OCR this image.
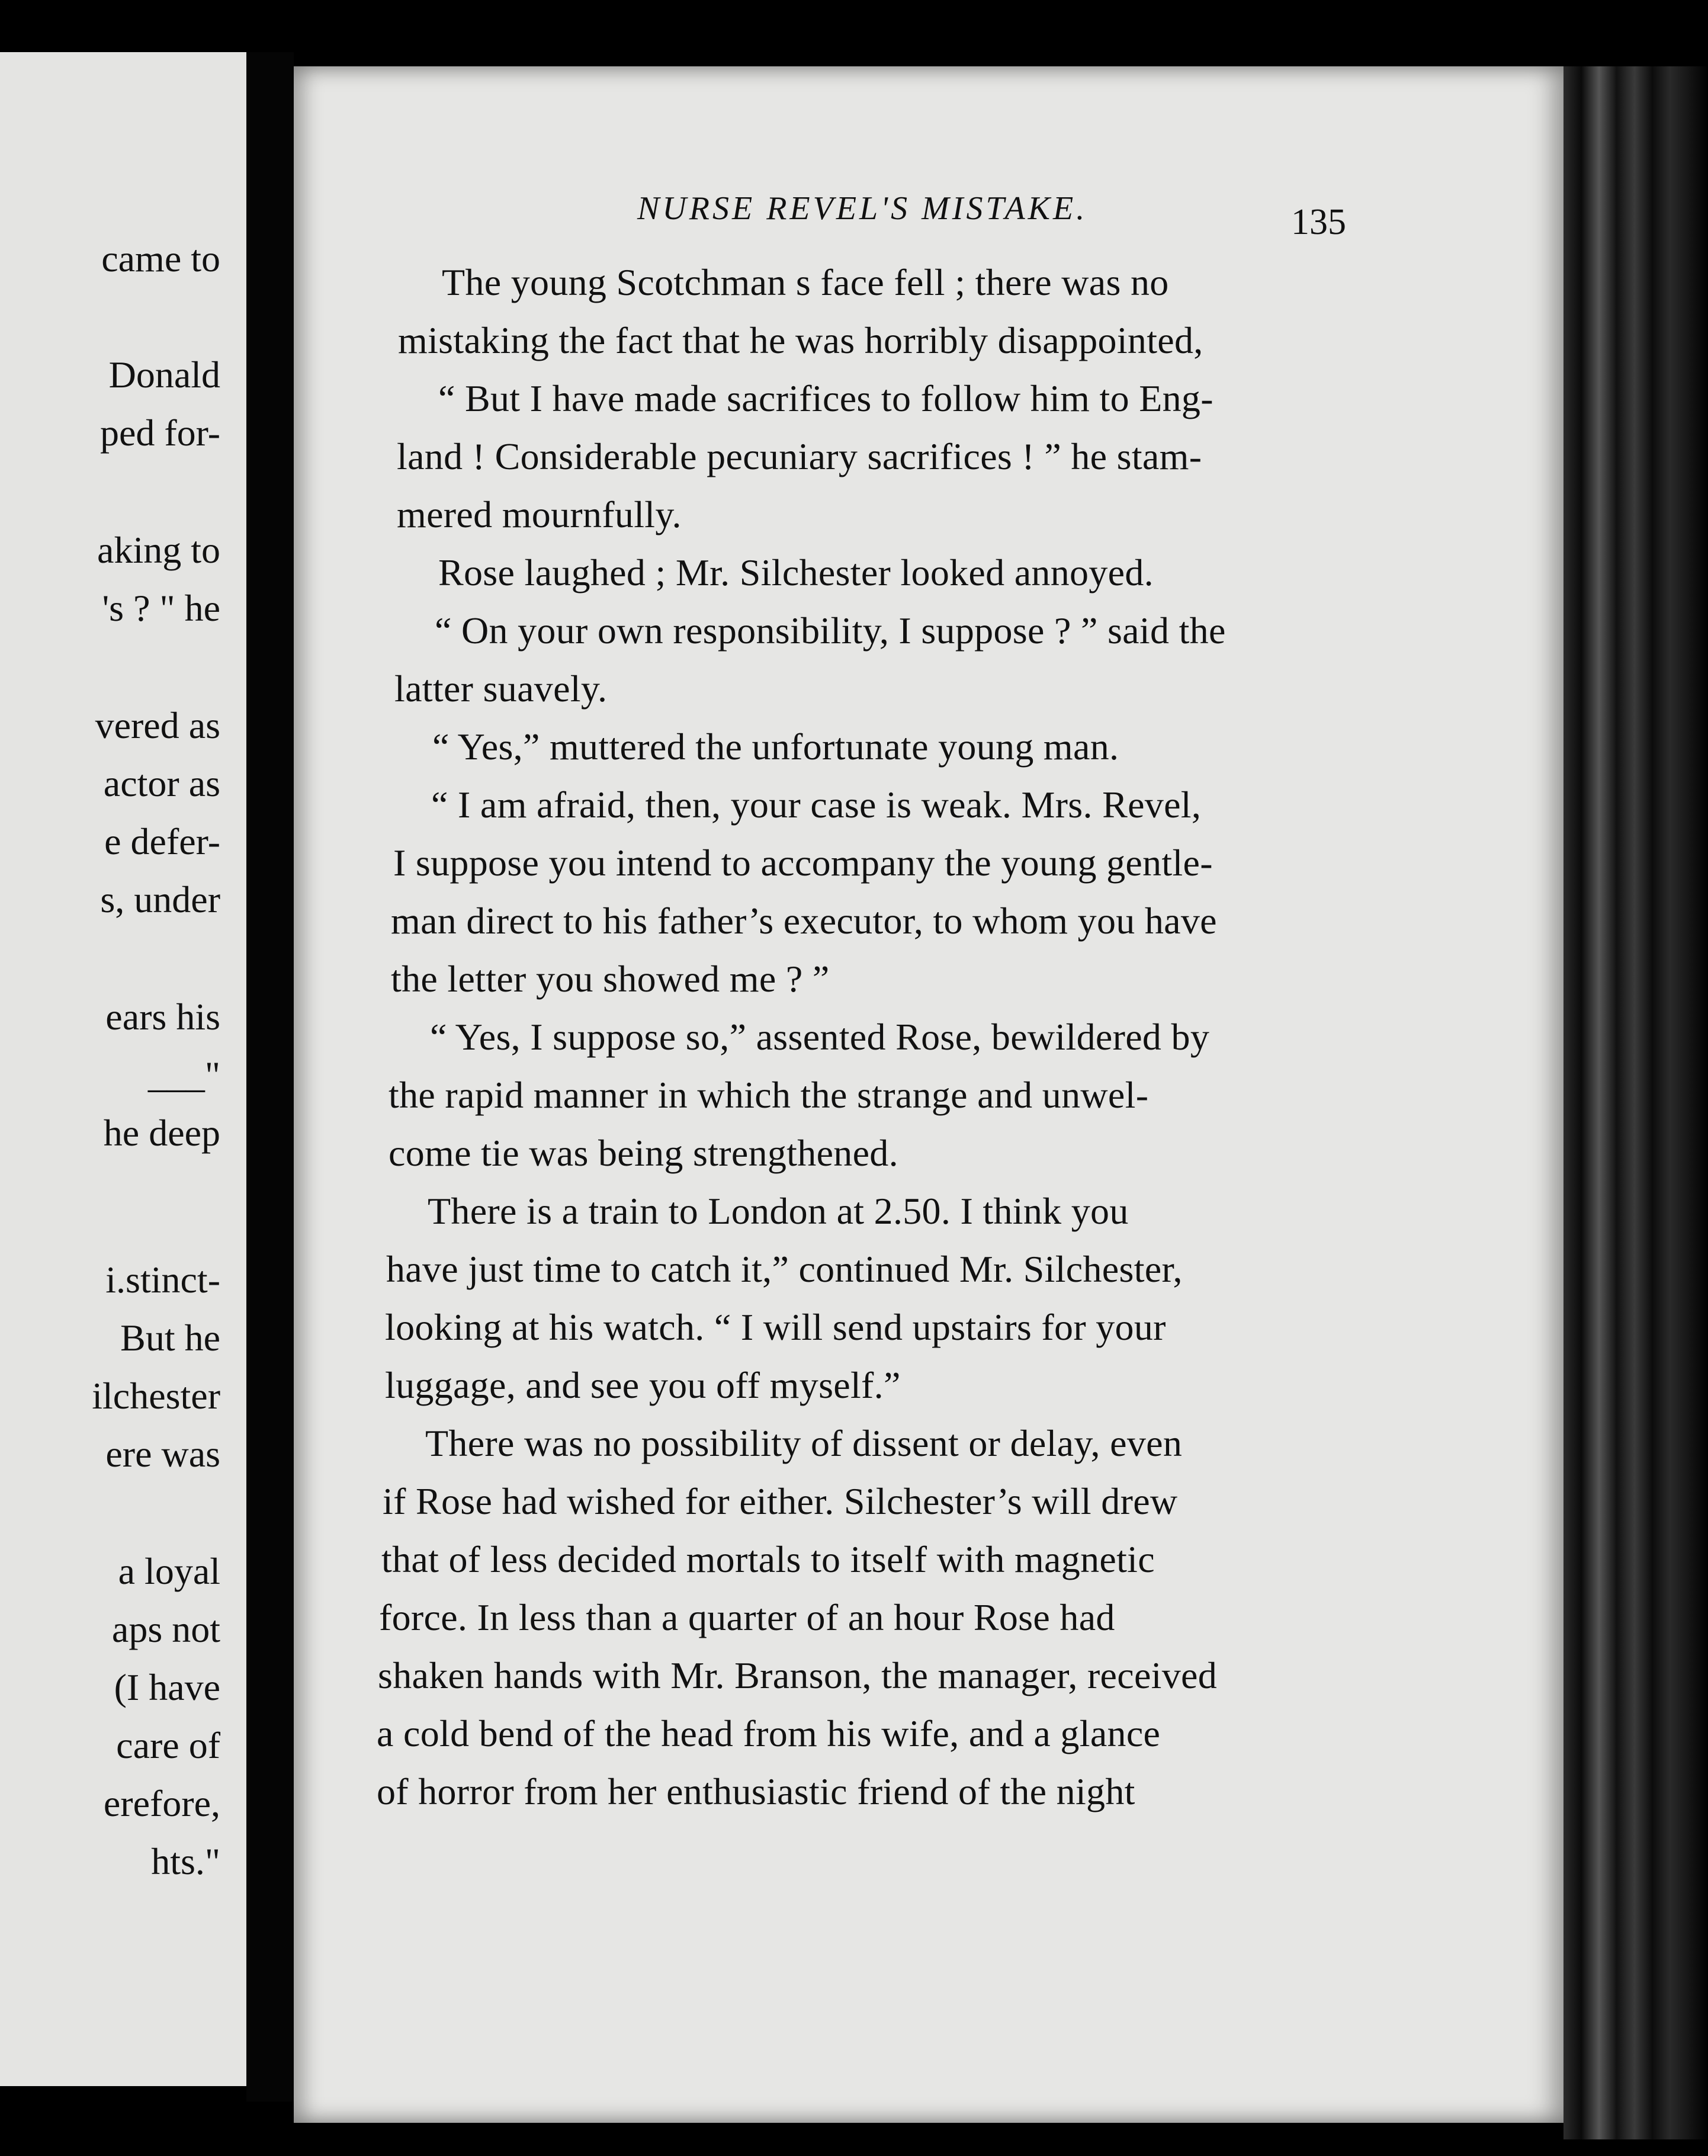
came to
Donald
ped for-
aking to
's ? " he
vered as
actor as
e defer-
s, under
ears his
___"
he deep
i.stinct-
But he
ilchester
ere was
a loyal
aps not
(I have
care of
erefore,
hts."
NURSE REVEL'S MISTAKE.	135
The young Scotchman s face fell ; there was no
mistaking the fact that he was horribly disappointed,
“ But I have made sacrifices to follow him to Eng-
land ! Considerable pecuniary sacrifices ! ” he stam-
mered mournfully.
Rose laughed ; Mr. Silchester looked annoyed.
“ On your own responsibility, I suppose ? ” said the
latter suavely.
“ Yes,” muttered the unfortunate young man.
“ I am afraid, then, your case is weak. Mrs. Revel,
I suppose you intend to accompany the young gentle-
man direct to his father’s executor, to whom you have
the letter you showed me ? ”
“ Yes, I suppose so,” assented Rose, bewildered by
the rapid manner in which the strange and unwel-
come tie was being strengthened.
There is a train to London at 2.50. I think you
have just time to catch it,” continued Mr. Silchester,
looking at his watch. “ I will send upstairs for your
luggage, and see you off myself.”
There was no possibility of dissent or delay, even
if Rose had wished for either. Silchester’s will drew
that of less decided mortals to itself with magnetic
force. In less than a quarter of an hour Rose had
shaken hands with Mr. Branson, the manager, received
a cold bend of the head from his wife, and a glance
of horror from her enthusiastic friend of the night
